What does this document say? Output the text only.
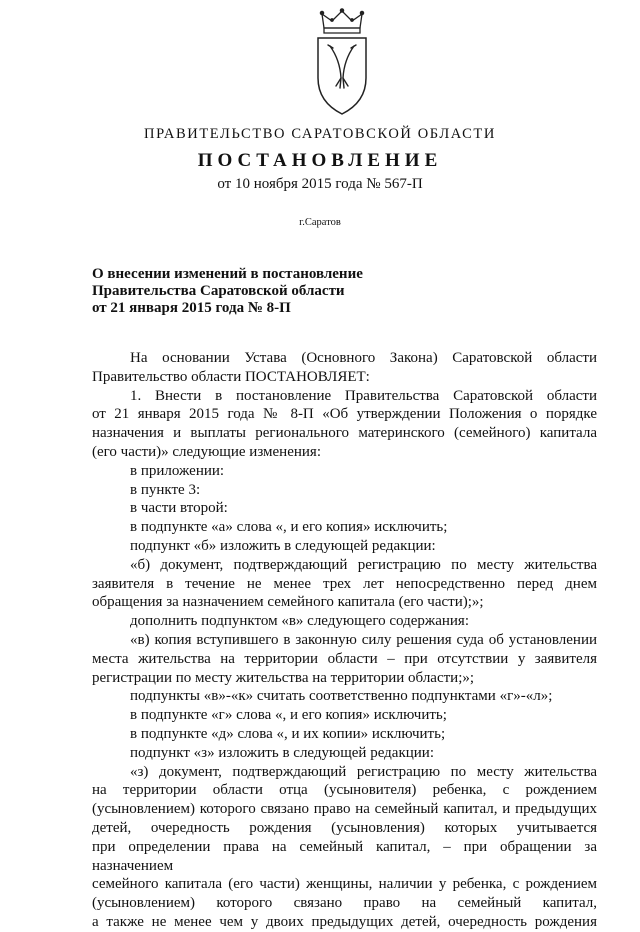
ПРАВИТЕЛЬСТВО САРАТОВСКОЙ ОБЛАСТИ
ПОСТАНОВЛЕНИЕ
от 10 ноября 2015 года № 567-П
г.Саратов
О внесении изменений в постановление
Правительства Саратовской области
от 21 января 2015 года № 8-П

На основании Устава (Основного Закона) Саратовской области

Правительство области ПОСТАНОВЛЯЕТ:

1. Внести в постановление Правительства Саратовской области

от 21 января 2015 года № 8-П «Об утверждении Положения о порядке

назначения и выплаты регионального материнского (семейного) капитала

(его части)» следующие изменения:

в приложении:

в пункте 3:

в части второй:

в подпункте «а» слова «, и его копия» исключить;

подпункт «б» изложить в следующей редакции:

«б) документ, подтверждающий регистрацию по месту жительства

заявителя в течение не менее трех лет непосредственно перед днем

обращения за назначением семейного капитала (его части);»;

дополнить подпунктом «в» следующего содержания:

«в) копия вступившего в законную силу решения суда об установлении

места жительства на территории области – при отсутствии у заявителя

регистрации по месту жительства на территории области;»;

подпункты «в»-«к» считать соответственно подпунктами «г»-«л»;

в подпункте «г» слова «, и его копия» исключить;

в подпункте «д» слова «, и их копии» исключить;

подпункт «з» изложить в следующей редакции:

«з) документ, подтверждающий регистрацию по месту жительства

на территории области отца (усыновителя) ребенка, с рождением

(усыновлением) которого связано право на семейный капитал, и предыдущих

детей, очередность рождения (усыновления) которых учитывается

при определении права на семейный капитал, – при обращении за назначением

семейного капитала (его части) женщины, наличии у ребенка, с рождением

(усыновлением) которого связано право на семейный капитал,

а также не менее чем у двоих предыдущих детей, очередность рождения
